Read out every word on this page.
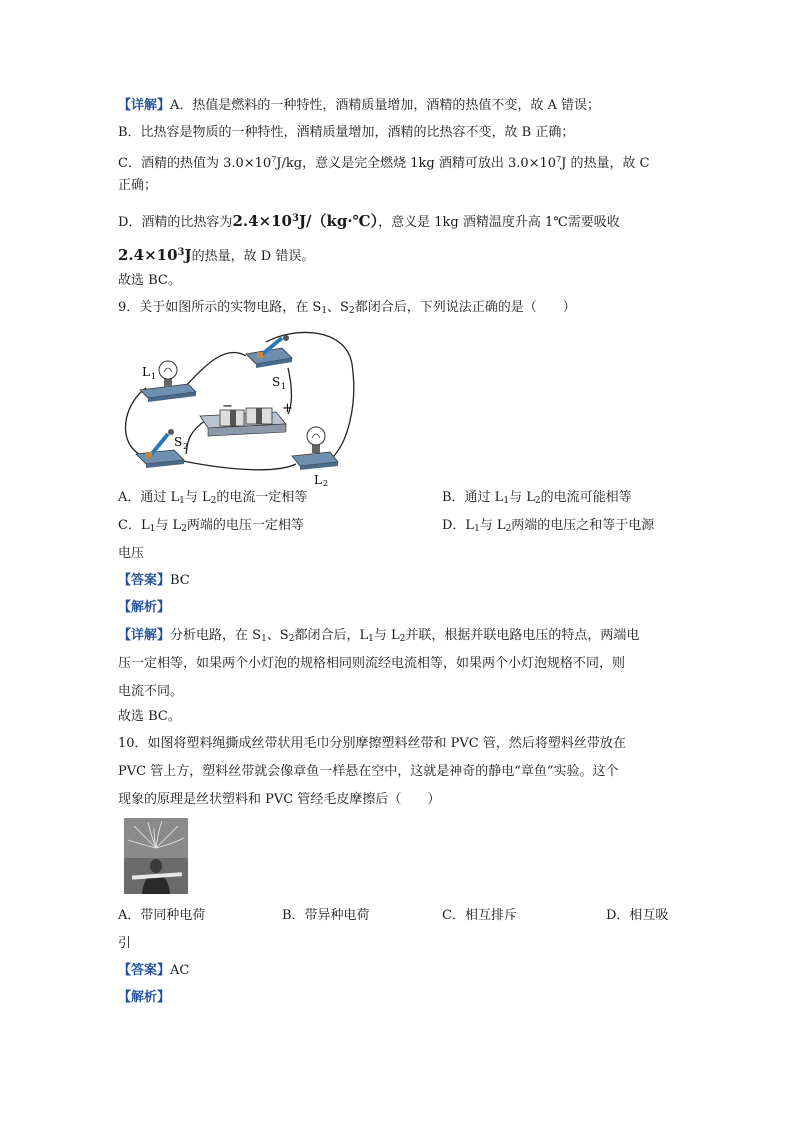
【详解】A．热值是燃料的一种特性，酒精质量增加，酒精的热值不变，故 A 错误；
B．比热容是物质的一种特性，酒精质量增加，酒精的比热容不变，故 B 正确；
C．酒精的热值为 $3.0\times 10^7J/kg$，意义是完全燃烧 1kg 酒精可放出 $3.0\times 10^7J$ 的热量，故 C
正确；
D．酒精的比热容为$2.4\times 10^3J/(kg\cdot℃)$，意义是 1kg 酒精温度升高 1℃需要吸收
$2.4\times 10^3J$的热量，故 D 错误。
故选 BC。
9．关于如图所示的实物电路，在 $S_1$、$S_2$都闭合后，下列说法正确的是（　　）
L 1	S 1
−	+
S 2
L 2
A．通过 $L_1$与 $L_2$的电流一定相等	B．通过 $L_1$与 $L_2$的电流可能相等
C．$L_1$与 $L_2$两端的电压一定相等	D．$L_1$与 $L_2$两端的电压之和等于电源
电压
【答案】BC
【解析】
【详解】分析电路，在 $S_1$、$S_2$都闭合后，$L_1$与 $L_2$并联，根据并联电路电压的特点，两端电
压一定相等，如果两个小灯泡的规格相同则流经电流相等，如果两个小灯泡规格不同，则
电流不同。
故选 BC。
10．如图将塑料绳撕成丝带状用毛巾分别摩擦塑料丝带和 PVC 管，然后将塑料丝带放在
PVC 管上方，塑料丝带就会像章鱼一样悬在空中，这就是神奇的静电“章鱼”实验。这个
现象的原理是丝状塑料和 PVC 管经毛皮摩擦后（　　）
A．带同种电荷	B．带异种电荷	C．相互排斥	D．相互吸
引
【答案】AC
【解析】
